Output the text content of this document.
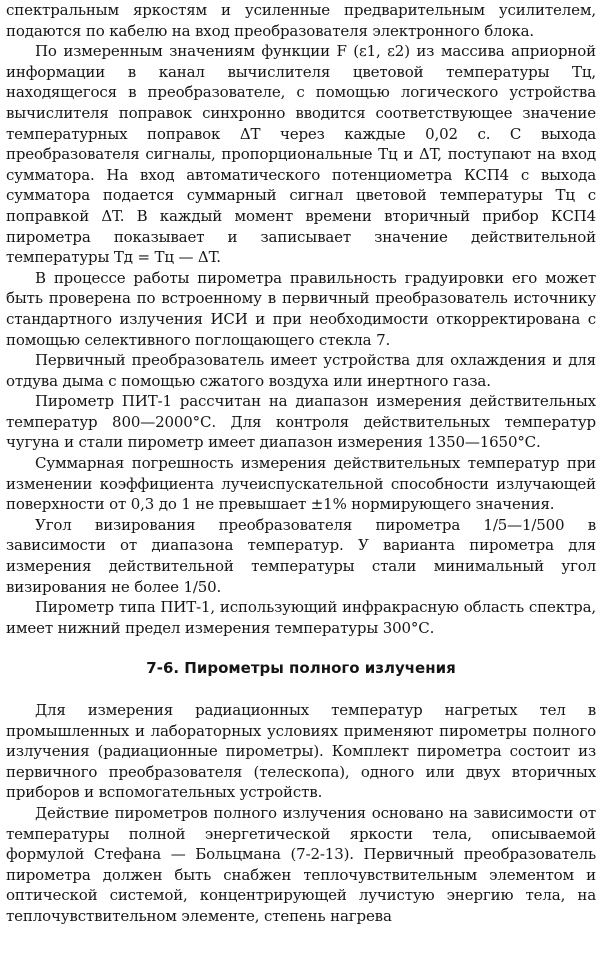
спектральным яркостям и усиленные предварительным усилителем, подаются по кабелю на вход преобразователя электронного блока.

По измеренным значениям функции F (ε1, ε2) из массива априорной информации в канал вычислителя цветовой температуры Tц, находящегося в преобразователе, с помощью логического устройства вычислителя поправок синхронно вводится соответствующее значение температурных поправок ΔT через каждые 0,02 с. С выхода преобразователя сигналы, пропорциональные Tц и ΔT, поступают на вход сумматора. На вход автоматического потенциометра КСП4 с выхода сумматора подается суммарный сигнал цветовой температуры Tц с поправкой ΔT. В каждый момент времени вторичный прибор КСП4 пирометра показывает и записывает значение действительной температуры Tд = Tц — ΔT.

В процессе работы пирометра правильность градуировки его может быть проверена по встроенному в первичный преобразователь источнику стандартного излучения ИСИ и при необходимости откорректирована с помощью селективного поглощающего стекла 7.

Первичный преобразователь имеет устройства для охлаждения и для отдува дыма с помощью сжатого воздуха или инертного газа.

Пирометр ПИТ-1 рассчитан на диапазон измерения действительных температур 800—2000°С. Для контроля действительных температур чугуна и стали пирометр имеет диапазон измерения 1350—1650°С.

Суммарная погрешность измерения действительных температур при изменении коэффициента лучеиспускательной способности излучающей поверхности от 0,3 до 1 не превышает ±1% нормирующего значения.

Угол визирования преобразователя пирометра 1/5—1/500 в зависимости от диапазона температур. У варианта пирометра для измерения действительной температуры стали минимальный угол визирования не более 1/50.

Пирометр типа ПИТ-1, использующий инфракрасную область спектра, имеет нижний предел измерения температуры 300°С.

7-6. Пирометры полного излучения

Для измерения радиационных температур нагретых тел в промышленных и лабораторных условиях применяют пирометры полного излучения (радиационные пирометры). Комплект пирометра состоит из первичного преобразователя (телескопа), одного или двух вторичных приборов и вспомогательных устройств.

Действие пирометров полного излучения основано на зависимости от температуры полной энергетической яркости тела, описываемой формулой Стефана — Больцмана (7-2-13). Первичный преобразователь пирометра должен быть снабжен теплочувствительным элементом и оптической системой, концентрирующей лучистую энергию тела, на теплочувствительном элементе, степень нагрева
